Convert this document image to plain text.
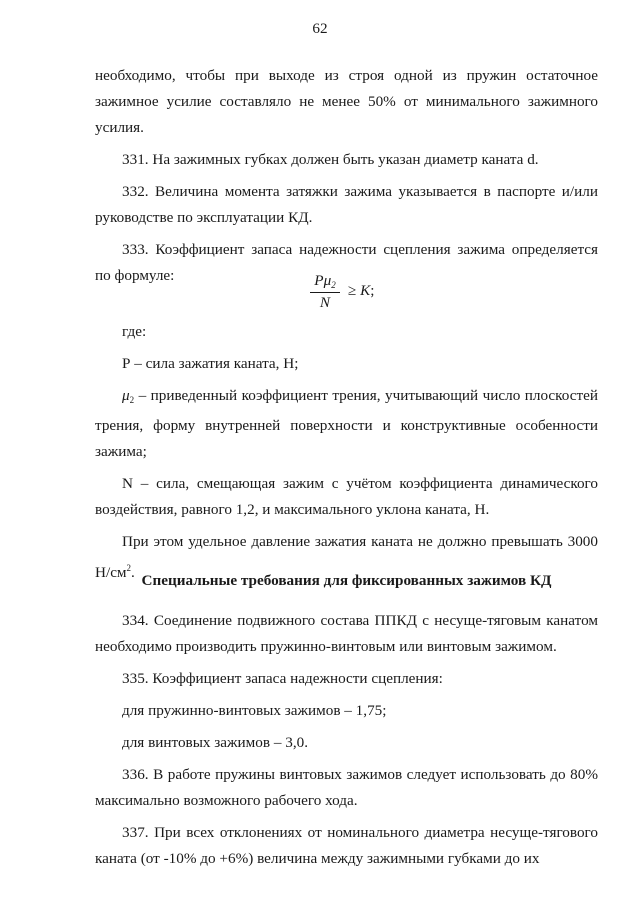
62

необходимо, чтобы при выходе из строя одной из пружин остаточное зажимное усилие составляло не менее 50% от минимального зажимного усилия.

331. На зажимных губках должен быть указан диаметр каната d.

332. Величина момента затяжки зажима указывается в паспорте и/или руководстве по эксплуатации КД.

333. Коэффициент запаса надежности сцепления зажима определяется по формуле:	$P\mu_2$
N
≥ K;

где:

Р – сила зажатия каната, Н;

$\mu_2$ – приведенный коэффициент трения, учитывающий число плоскостей трения, форму внутренней поверхности и конструктивные особенности зажима;

N – сила, смещающая зажим с учётом коэффициента динамического воздействия, равного 1,2, и максимального уклона каната, Н.

При этом удельное давление зажатия каната не должно превышать 3000 $Н/см^2$. Специальные требования для фиксированных зажимов КД

334. Соединение подвижного состава ППКД с несуще-тяговым канатом необходимо производить пружинно-винтовым или винтовым зажимом.

335. Коэффициент запаса надежности сцепления:

для пружинно-винтовых зажимов – 1,75;

для винтовых зажимов – 3,0.

336. В работе пружины винтовых зажимов следует использовать до 80% максимально возможного рабочего хода.

337. При всех отклонениях от номинального диаметра несуще-тягового каната (от -10% до +6%) величина между зажимными губками до их
